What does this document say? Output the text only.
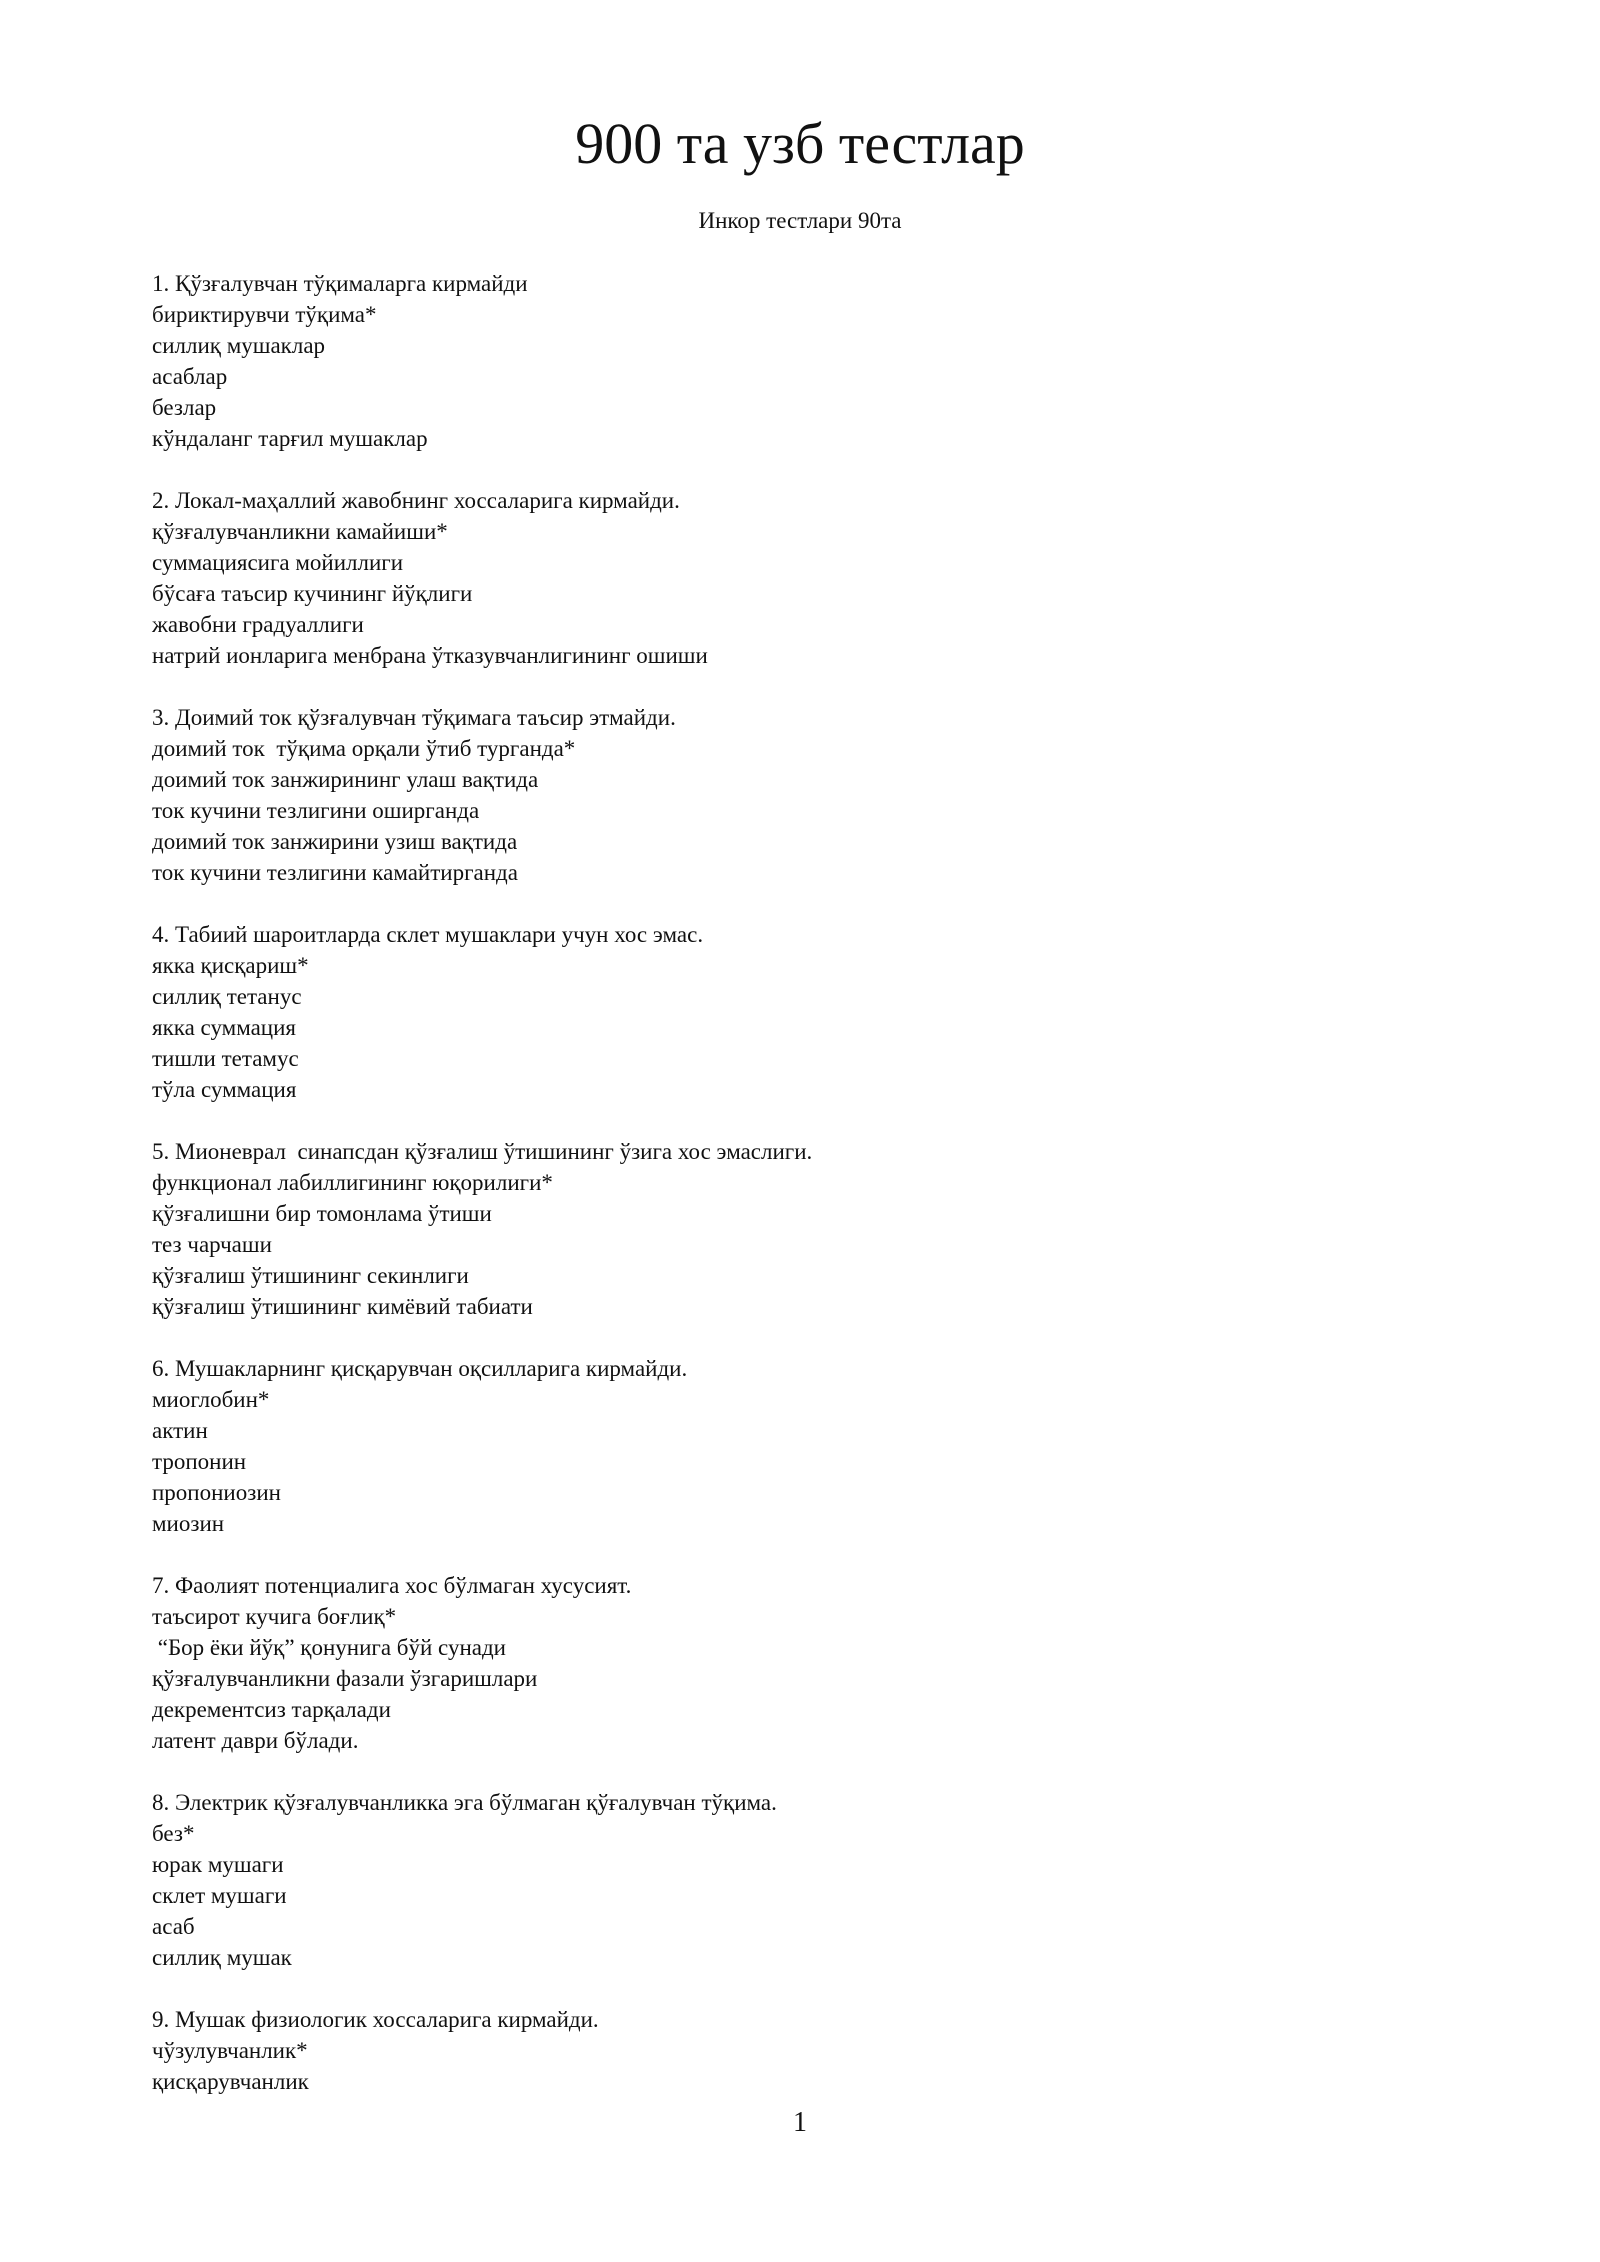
900 та узб тестлар
Инкор тестлари 90та
1. Қўзғалувчан тўқималарга кирмайди
бириктирувчи тўқима*
силлиқ мушаклар
асаблар
безлар
кўндаланг тарғил мушаклар
2. Локал-маҳаллий жавобнинг хоссаларига кирмайди.
қўзғалувчанликни камайиши*
суммациясига мойиллиги
бўсаға таъсир кучининг йўқлиги
жавобни градуаллиги
натрий ионларига менбрана ўтказувчанлигининг ошиши
3. Доимий ток қўзғалувчан тўқимага таъсир этмайди.
доимий ток  тўқима орқали ўтиб турганда*
доимий ток занжирининг улаш вақтида
ток кучини тезлигини оширганда
доимий ток занжирини узиш вақтида
ток кучини тезлигини камайтирганда
4. Табиий шароитларда склет мушаклари учун хос эмас.
якка қисқариш*
силлиқ тетанус
якка суммация
тишли тетамус
тўла суммация
5. Мионеврал  синапсдан қўзғалиш ўтишининг ўзига хос эмаслиги.
функционал лабиллигининг юқорилиги*
қўзғалишни бир томонлама ўтиши
тез чарчаши
қўзғалиш ўтишининг секинлиги
қўзғалиш ўтишининг кимёвий табиати
6. Мушакларнинг қисқарувчан оқсилларига кирмайди.
миоглобин*
актин
тропонин
пропониозин
миозин
7. Фаолият потенциалига хос бўлмаган хусусият.
таъсирот кучига боғлиқ*
“Бор ёки йўқ” қонунига бўй сунади
қўзғалувчанликни фазали ўзгаришлари
декрементсиз тарқалади
латент даври бўлади.
8. Электрик қўзғалувчанликка эга бўлмаган қўғалувчан тўқима.
без*
юрак мушаги
склет мушаги
асаб
силлиқ мушак
9. Мушак физиологик хоссаларига кирмайди.
чўзулувчанлик*
қисқарувчанлик
1
